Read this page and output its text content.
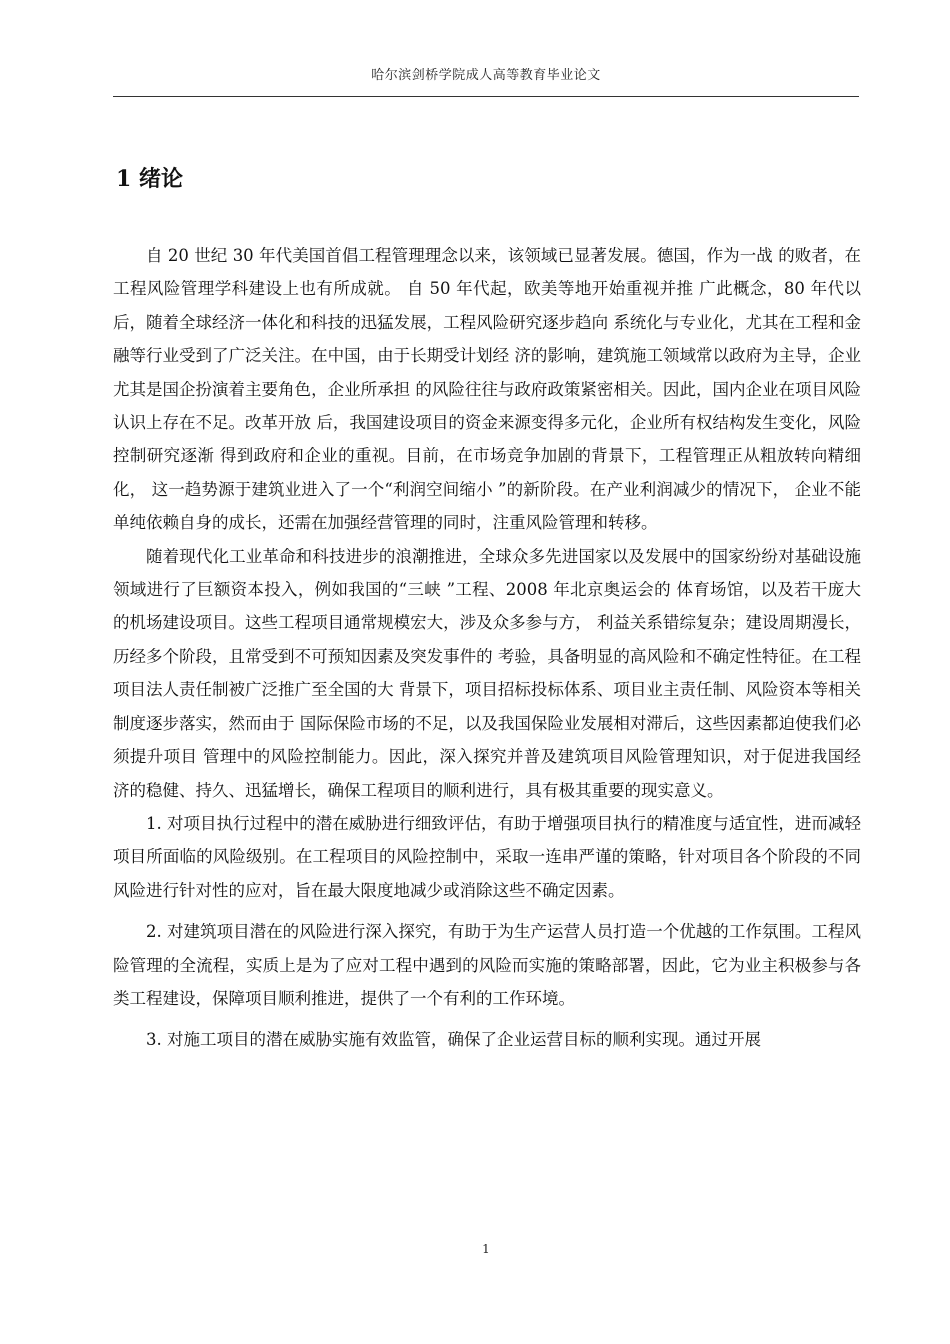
哈尔滨剑桥学院成人高等教育毕业论文
1 绪论

自 20 世纪 30 年代美国首倡工程管理理念以来，该领域已显著发展。德国，作为一战 的败者，在工程风险管理学科建设上也有所成就。 自 50 年代起，欧美等地开始重视并推 广此概念，80 年代以后，随着全球经济一体化和科技的迅猛发展，工程风险研究逐步趋向 系统化与专业化，尤其在工程和金融等行业受到了广泛关注。在中国，由于长期受计划经 济的影响，建筑施工领域常以政府为主导，企业尤其是国企扮演着主要角色，企业所承担 的风险往往与政府政策紧密相关。因此，国内企业在项目风险认识上存在不足。改革开放 后，我国建设项目的资金来源变得多元化，企业所有权结构发生变化，风险控制研究逐渐 得到政府和企业的重视。目前，在市场竞争加剧的背景下，工程管理正从粗放转向精细化， 这一趋势源于建筑业进入了一个“利润空间缩小 ”的新阶段。在产业利润减少的情况下， 企业不能单纯依赖自身的成长，还需在加强经营管理的同时，注重风险管理和转移。

随着现代化工业革命和科技进步的浪潮推进，全球众多先进国家以及发展中的国家纷纷对基础设施领域进行了巨额资本投入，例如我国的“三峡 ”工程、2008 年北京奥运会的 体育场馆，以及若干庞大的机场建设项目。这些工程项目通常规模宏大，涉及众多参与方， 利益关系错综复杂；建设周期漫长，历经多个阶段，且常受到不可预知因素及突发事件的 考验，具备明显的高风险和不确定性特征。在工程项目法人责任制被广泛推广至全国的大 背景下，项目招标投标体系、项目业主责任制、风险资本等相关制度逐步落实，然而由于 国际保险市场的不足，以及我国保险业发展相对滞后，这些因素都迫使我们必须提升项目 管理中的风险控制能力。因此，深入探究并普及建筑项目风险管理知识，对于促进我国经 济的稳健、持久、迅猛增长，确保工程项目的顺利进行，具有极其重要的现实意义。

1. 对项目执行过程中的潜在威胁进行细致评估，有助于增强项目执行的精准度与适宜性，进而减轻项目所面临的风险级别。在工程项目的风险控制中，采取一连串严谨的策略，针对项目各个阶段的不同风险进行针对性的应对，旨在最大限度地减少或消除这些不确定因素。

2. 对建筑项目潜在的风险进行深入探究，有助于为生产运营人员打造一个优越的工作氛围。工程风险管理的全流程，实质上是为了应对工程中遇到的风险而实施的策略部署，因此，它为业主积极参与各类工程建设，保障项目顺利推进，提供了一个有利的工作环境。

3. 对施工项目的潜在威胁实施有效监管，确保了企业运营目标的顺利实现。通过开展

1
